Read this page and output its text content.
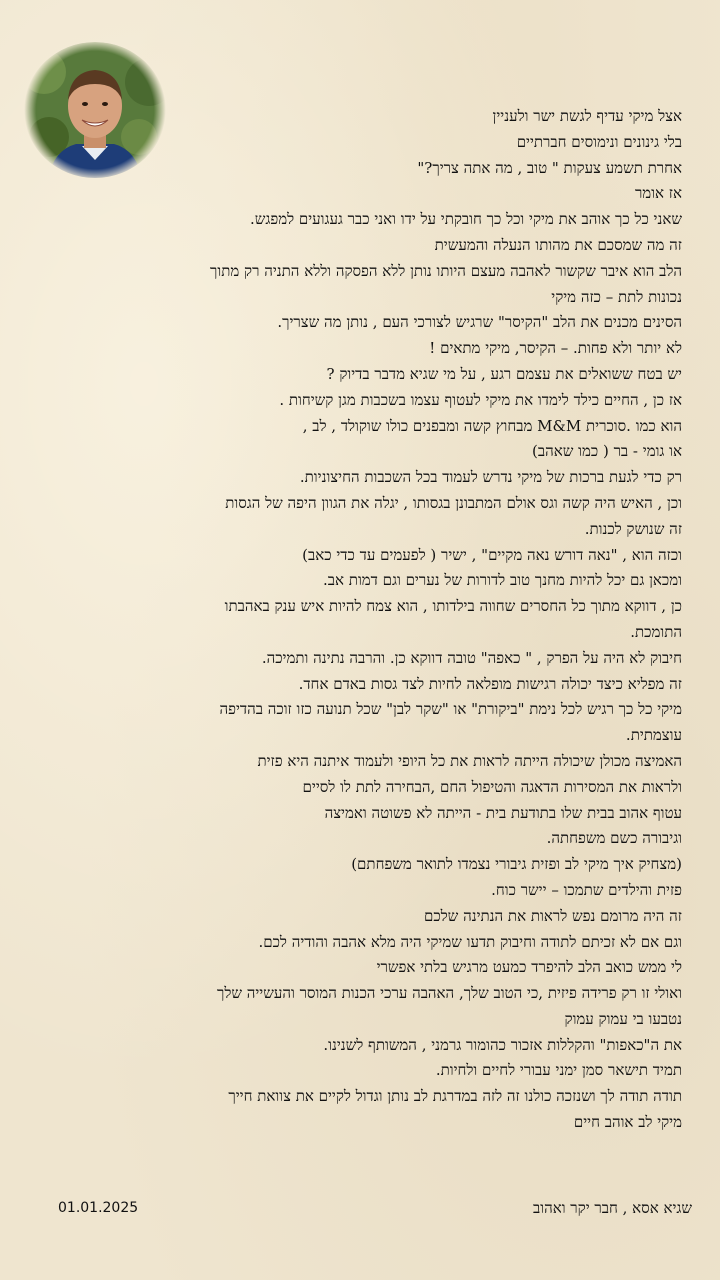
אצל מיקי עדיף לגשת ישר ולעניין
בלי גינונים ונימוסים חברתיים
אחרת תשמע צעקות " טוב , מה אתה צריך?"
אז אומר
שאני כל כך אוהב את מיקי וכל כך חובקתי על ידו ואני כבר געגועים למפגש.
זה מה שמסכם את מהותו הנעלה והמעשית
הלב הוא איבר שקשור לאהבה מעצם היותו נותן ללא הפסקה וללא התניה רק מתוך
נכונות לתת – כזה מיקי
הסינים מכנים את הלב "הקיסר" שרגיש לצורכי העם , נותן מה שצריך.
לא יותר ולא פחות. – הקיסר, מיקי מתאים !
יש בטח ששואלים את עצמם רגע , על מי שגיא מדבר בדיוק ?
אז כן , החיים כילד לימדו את מיקי לעטוף עצמו בשכבות מגן קשיחות .
הוא כמו .סוכרית M&M מבחוץ קשה ומבפנים כולו שוקולד , לב ,
או גומי - בר ( כמו שאהב)
רק כדי לגעת ברכות של מיקי נדרש לעמוד בכל השכבות החיצוניות.
וכן , האיש היה קשה וגס אולם המתבונן בגסותו , יגלה את הגוון היפה של הגסות
זה שנושק לכנות.
וכזה הוא , "נאה דורש נאה מקיים" , ישיר ( לפעמים עד כדי כאב)
ומכאן גם יכל להיות מחנך טוב לדורות של נערים וגם דמות אב.
כן , דווקא מתוך כל החסרים שחווה בילדותו , הוא צמח להיות איש ענק באהבתו
התומכת.
חיבוק לא היה על הפרק , " כאפה" טובה דווקא כן. והרבה נתינה ותמיכה.
זה מפליא כיצד יכולה רגישות מופלאה לחיות לצד גסות באדם אחד.
מיקי כל כך רגיש לכל נימת "ביקורת" או "שקר לבן" שכל תנועה כזו זוכה בהדיפה
עוצמתית.
האמיצה מכולן שיכולה הייתה לראות את כל היופי ולעמוד איתנה היא פזית
ולראות את המסירות הדאגה והטיפול החם ,הבחירה לתת לו לסיים
עטוף אהוב בבית שלו בתודעת בית - הייתה לא פשוטה ואמיצה
וגיבורה כשם משפחתה.
(מצחיק איך מיקי לב ופזית גיבורי נצמדו לתואר משפחתם)
פזית והילדים שתמכו – יישר כוח.
זה היה מרומם נפש לראות את הנתינה שלכם
וגם אם לא זכיתם לתודה וחיבוק תדעו שמיקי היה מלא אהבה והודיה לכם.
לי ממש כואב הלב להיפרד כמעט מרגיש בלתי אפשרי
ואולי זו רק פרידה פיזית ,כי הטוב שלך, האהבה ערכי הכנות המוסר והעשייה שלך
נטבעו בי עמוק עמוק
את ה"כאפות" והקללות אזכור כהומור גרמני , המשותף לשנינו.
תמיד תישאר סמן ימני עבורי לחיים ולחיות.
תודה תודה לך ושנזכה כולנו זה לזה במדרגת לב נותן וגדול לקיים את צוואת חייך
מיקי לב אוהב חיים
שגיא אסא , חבר יקר ואהוב
01.01.2025
